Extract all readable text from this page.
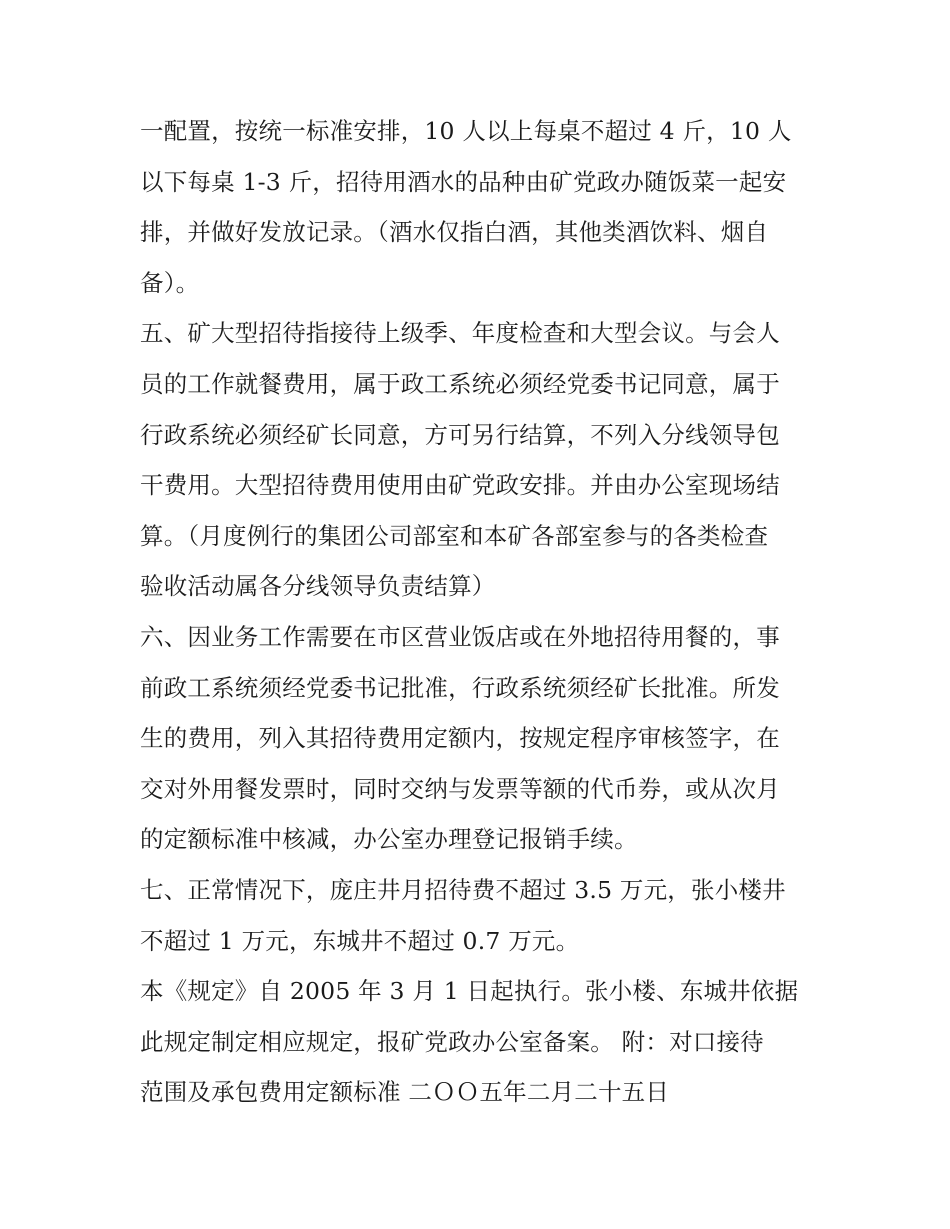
一配置，按统一标准安排，10 人以上每桌不超过 4 斤，10 人
以下每桌 1-3 斤，招待用酒水的品种由矿党政办随饭菜一起安
排，并做好发放记录。（酒水仅指白酒，其他类酒饮料、烟自
备）。
五、矿大型招待指接待上级季、年度检查和大型会议。与会人
员的工作就餐费用，属于政工系统必须经党委书记同意，属于
行政系统必须经矿长同意，方可另行结算，不列入分线领导包
干费用。大型招待费用使用由矿党政安排。并由办公室现场结
算。（月度例行的集团公司部室和本矿各部室参与的各类检查
验收活动属各分线领导负责结算）
六、因业务工作需要在市区营业饭店或在外地招待用餐的，事
前政工系统须经党委书记批准，行政系统须经矿长批准。所发
生的费用，列入其招待费用定额内，按规定程序审核签字，在
交对外用餐发票时，同时交纳与发票等额的代币券，或从次月
的定额标准中核减，办公室办理登记报销手续。
七、正常情况下，庞庄井月招待费不超过 3.5 万元，张小楼井
不超过 1 万元，东城井不超过 0.7 万元。
本《规定》自 2005 年 3 月 1 日起执行。张小楼、东城井依据
此规定制定相应规定，报矿党政办公室备案。 附：对口接待
范围及承包费用定额标准 二ＯＯ五年二月二十五日
